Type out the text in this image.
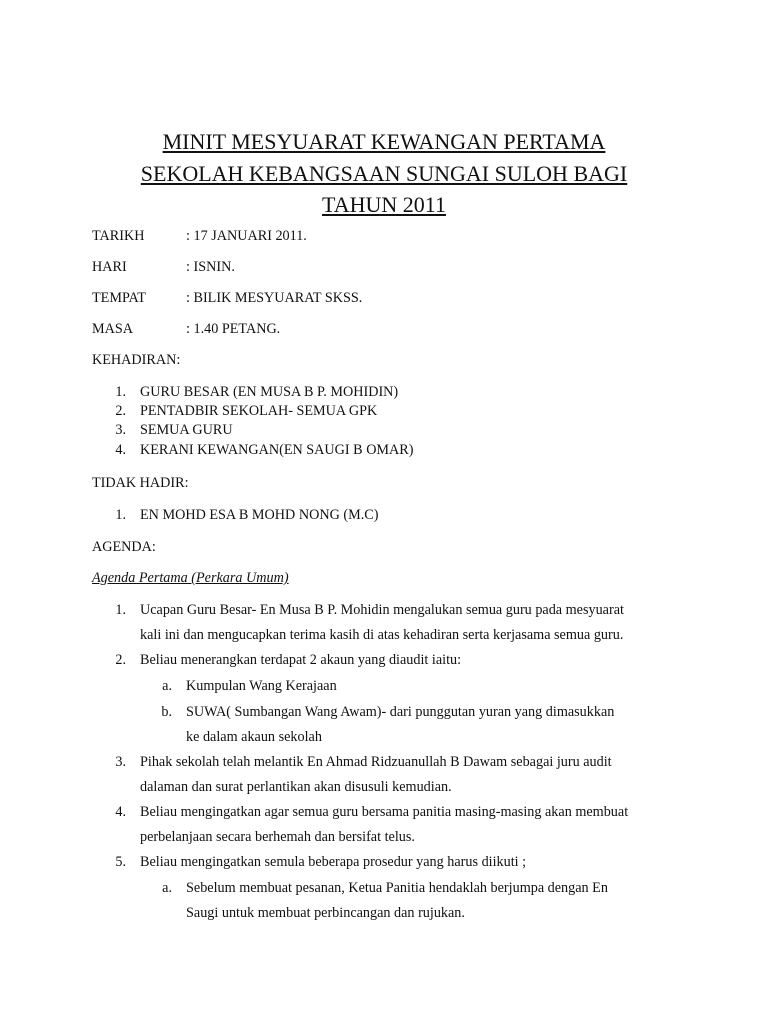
MINIT MESYUARAT KEWANGAN PERTAMA
SEKOLAH KEBANGSAAN SUNGAI SULOH BAGI
TAHUN 2011
TARIKH	: 17 JANUARI 2011.
HARI	: ISNIN.
TEMPAT	: BILIK MESYUARAT SKSS.
MASA	: 1.40 PETANG.
KEHADIRAN:
1. GURU BESAR (EN MUSA B P. MOHIDIN)
2. PENTADBIR SEKOLAH- SEMUA GPK
3. SEMUA GURU
4. KERANI KEWANGAN(EN SAUGI B OMAR)
TIDAK HADIR:
1. EN MOHD ESA B MOHD NONG (M.C)
AGENDA:
Agenda Pertama (Perkara Umum)
1. Ucapan Guru Besar- En Musa B P. Mohidin mengalukan semua guru pada mesyuarat
kali ini dan mengucapkan terima kasih di atas kehadiran serta kerjasama semua guru.
2. Beliau menerangkan terdapat 2 akaun yang diaudit iaitu:
a. Kumpulan Wang Kerajaan
b. SUWA( Sumbangan Wang Awam)- dari punggutan yuran yang dimasukkan
ke dalam akaun sekolah
3. Pihak sekolah telah melantik En Ahmad Ridzuanullah B Dawam sebagai juru audit
dalaman dan surat perlantikan akan disusuli kemudian.
4. Beliau mengingatkan agar semua guru bersama panitia masing-masing akan membuat
perbelanjaan secara berhemah dan bersifat telus.
5. Beliau mengingatkan semula beberapa prosedur yang harus diikuti ;
a. Sebelum membuat pesanan, Ketua Panitia hendaklah berjumpa dengan En
Saugi untuk membuat perbincangan dan rujukan.
